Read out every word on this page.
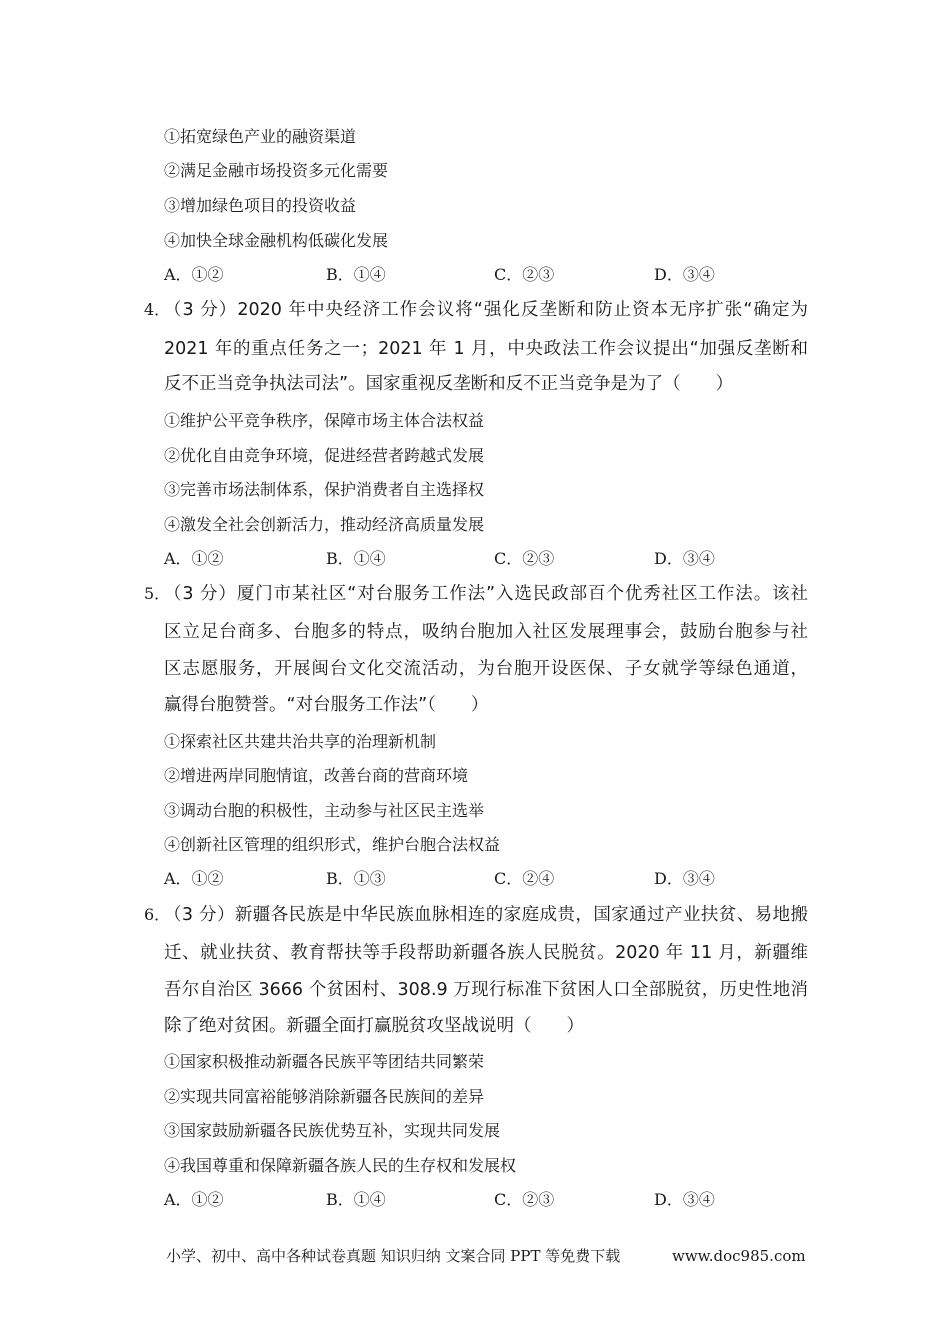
①拓宽绿色产业的融资渠道
②满足金融市场投资多元化需要
③增加绿色项目的投资收益
④加快全球金融机构低碳化发展
A．①②	B．①④	C．②③	D．③④
4．
（3 分）2020 年中央经济工作会议将“强化反垄断和防止资本无序扩张“确定为
2021 年的重点任务之一；2021 年 1 月，中央政法工作会议提出“加强反垄断和
反不正当竞争执法司法”。国家重视反垄断和反不正当竞争是为了（　　）
①维护公平竞争秩序，保障市场主体合法权益
②优化自由竞争环境，促进经营者跨越式发展
③完善市场法制体系，保护消费者自主选择权
④激发全社会创新活力，推动经济高质量发展
A．①②	B．①④	C．②③	D．③④
5．
（3 分）厦门市某社区“对台服务工作法”入选民政部百个优秀社区工作法。该社
区立足台商多、台胞多的特点，吸纳台胞加入社区发展理事会，鼓励台胞参与社
区志愿服务，开展闽台文化交流活动，为台胞开设医保、子女就学等绿色通道，
赢得台胞赞誉。“对台服务工作法”（　　）
①探索社区共建共治共享的治理新机制
②增进两岸同胞情谊，改善台商的营商环境
③调动台胞的积极性，主动参与社区民主选举
④创新社区管理的组织形式，维护台胞合法权益
A．①②	B．①③	C．②④	D．③④
6．
（3 分）新疆各民族是中华民族血脉相连的家庭成贵，国家通过产业扶贫、易地搬
迁、就业扶贫、教育帮扶等手段帮助新疆各族人民脱贫。2020 年 11 月，新疆维
吾尔自治区 3666 个贫困村、308.9 万现行标准下贫困人口全部脱贫，历史性地消
除了绝对贫困。新疆全面打赢脱贫攻坚战说明（　　）
①国家积极推动新疆各民族平等团结共同繁荣
②实现共同富裕能够消除新疆各民族间的差异
③国家鼓励新疆各民族优势互补，实现共同发展
④我国尊重和保障新疆各族人民的生存权和发展权
A．①②	B．①④	C．②③	D．③④
小学、初中、高中各种试卷真题 知识归纳 文案合同 PPT 等免费下载	www.doc985.com
